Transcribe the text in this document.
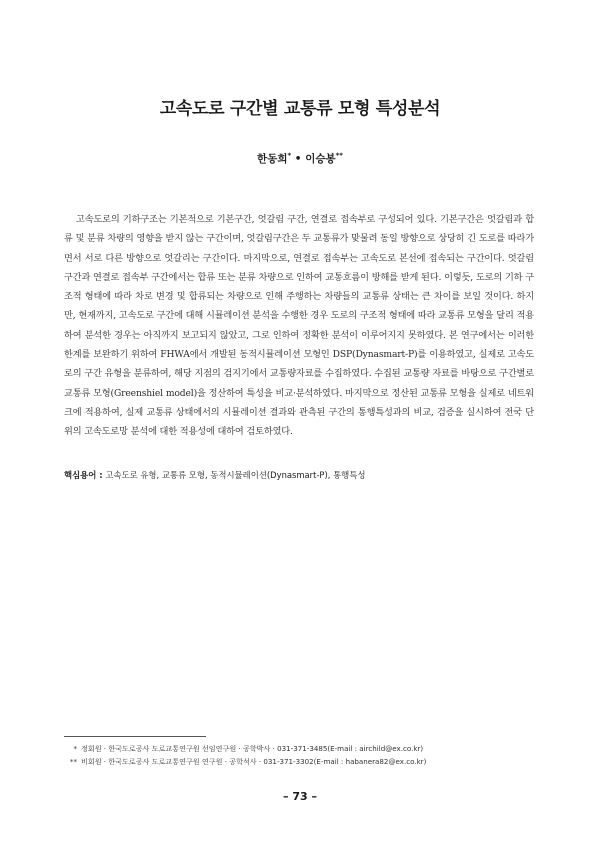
고속도로 구간별 교통류 모형 특성분석
한동희* • 이승봉**

고속도로의 기하구조는 기본적으로 기본구간, 엇갈림 구간, 연결로 접속부로 구성되어 있다. 기본구간은 엇갈림과 합류 및 분류 차량의 영향을 받지 않는 구간이며, 엇갈림구간은 두 교통류가 맞물려 동일 방향으로 상당히 긴 도로를 따라가면서 서로 다른 방향으로 엇갈리는 구간이다. 마지막으로, 연결로 접속부는 고속도로 본선에 접속되는 구간이다. 엇갈림 구간과 연결로 접속부 구간에서는 합류 또는 분류 차량으로 인하여 교통흐름이 방해를 받게 된다. 이렇듯, 도로의 기하 구조적 형태에 따라 차로 변경 및 합류되는 차량으로 인해 주행하는 차량들의 교통류 상태는 큰 차이를 보일 것이다. 하지만, 현재까지, 고속도로 구간에 대해 시뮬레이션 분석을 수행한 경우 도로의 구조적 형태에 따라 교통류 모형을 달리 적용하여 분석한 경우는 아직까지 보고되지 않았고, 그로 인하여 정확한 분석이 이루어지지 못하였다. 본 연구에서는 이러한 한계를 보완하기 위하여 FHWA에서 개발된 동적시뮬레이션 모형인 DSP(Dynasmart-P)를 이용하였고, 실제로 고속도로의 구간 유형을 분류하여, 해당 지점의 검지기에서 교통량자료를 수집하였다. 수집된 교통량 자료를 바탕으로 구간별로 교통류 모형(Greenshiel model)을 정산하여 특성을 비교·분석하였다. 마지막으로 정산된 교통류 모형을 실제로 네트워크에 적용하여, 실제 교통류 상태에서의 시뮬레이션 결과와 관측된 구간의 통행특성과의 비교, 검증을 실시하여 전국 단위의 고속도로망 분석에 대한 적용성에 대하여 검토하였다.

핵심용어 : 고속도로 유형, 교통류 모형, 동적시뮬레이션(Dynasmart-P), 통행특성
* 정회원 · 한국도로공사 도로교통연구원 선임연구원 · 공학박사 · 031-371-3485(E-mail : airchild@ex.co.kr)
** 비회원 · 한국도로공사 도로교통연구원 연구원 · 공학석사 · 031-371-3302(E-mail : habanera82@ex.co.kr)
– 73 –
